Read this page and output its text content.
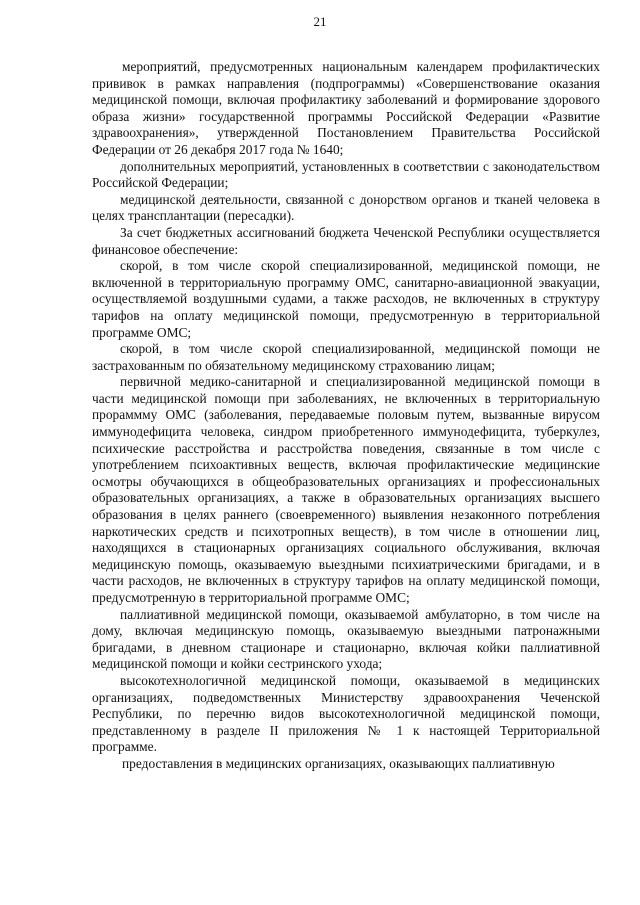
21

мероприятий, предусмотренных национальным календарем профилактических прививок в рамках направления (подпрограммы) «Совершенствование оказания медицинской помощи, включая профилактику заболеваний и формирование здорового образа жизни» государственной программы Российской Федерации «Развитие здравоохранения», утвержденной Постановлением Правительства Российской Федерации от 26 декабря 2017 года № 1640;

дополнительных мероприятий, установленных в соответствии с законодательством Российской Федерации;

медицинской деятельности, связанной с донорством органов и тканей человека в целях трансплантации (пересадки).

За счет бюджетных ассигнований бюджета Чеченской Республики осуществляется финансовое обеспечение:

скорой, в том числе скорой специализированной, медицинской помощи, не включенной в территориальную программу ОМС, санитарно-авиационной эвакуации, осуществляемой воздушными судами, а также расходов, не включенных в структуру тарифов на оплату медицинской помощи, предусмотренную в территориальной программе ОМС;

скорой, в том числе скорой специализированной, медицинской помощи не застрахованным по обязательному медицинскому страхованию лицам;

первичной медико-санитарной и специализированной медицинской помощи в части медицинской помощи при заболеваниях, не включенных в территориальную прораммму ОМС (заболевания, передаваемые половым путем, вызванные вирусом иммунодефицита человека, синдром приобретенного иммунодефицита, туберкулез, психические расстройства и расстройства поведения, связанные в том числе с употреблением психоактивных веществ, включая профилактические медицинские осмотры обучающихся в общеобразовательных организациях и профессиональных образовательных организациях, а также в образовательных организациях высшего образования в целях раннего (своевременного) выявления незаконного потребления наркотических средств и психотропных веществ), в том числе в отношении лиц, находящихся в стационарных организациях социального обслуживания, включая медицинскую помощь, оказываемую выездными психиатрическими бригадами, и в части расходов, не включенных в структуру тарифов на оплату медицинской помощи, предусмотренную в территориальной программе ОМС;

паллиативной медицинской помощи, оказываемой амбулаторно, в том числе на дому, включая медицинскую помощь, оказываемую выездными патронажными бригадами, в дневном стационаре и стационарно, включая койки паллиативной медицинской помощи и койки сестринского ухода;

высокотехнологичной медицинской помощи, оказываемой в медицинских организациях, подведомственных Министерству здравоохранения Чеченской Республики, по перечню видов высокотехнологичной медицинской помощи, представленному в разделе II приложения № 1 к настоящей Территориальной программе.

предоставления в медицинских организациях, оказывающих паллиативную
